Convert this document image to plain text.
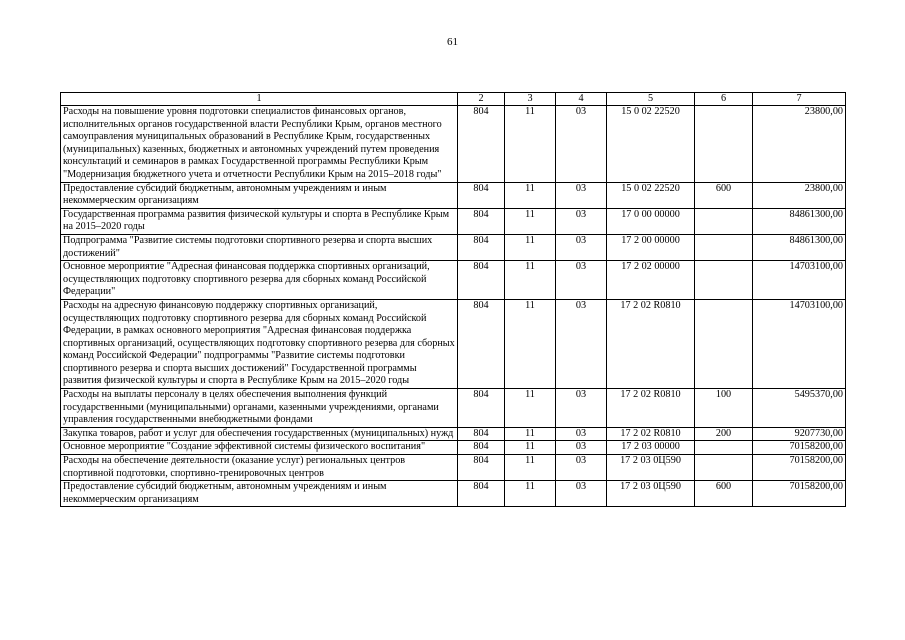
61
1	2	3	4	5	6	7
Расходы на повышение уровня подготовки специалистов финансовых органов, исполнительных органов государственной власти Республики Крым, органов местного самоуправления муниципальных образований в Республике Крым, государственных (муниципальных) казенных, бюджетных и автономных учреждений путем проведения консультаций и семинаров в рамках Государственной программы Республики Крым "Модернизация бюджетного учета и отчетности Республики Крым на 2015–2018 годы"	804	11	03	15 0 02 22520		23800,00
Предоставление субсидий бюджетным, автономным учреждениям и иным некоммерческим организациям	804	11	03	15 0 02 22520	600	23800,00
Государственная программа развития физической культуры и спорта в Республике Крым на 2015–2020 годы	804	11	03	17 0 00 00000		84861300,00
Подпрограмма "Развитие системы подготовки спортивного резерва и спорта высших достижений"	804	11	03	17 2 00 00000		84861300,00
Основное мероприятие "Адресная финансовая поддержка спортивных организаций, осуществляющих подготовку спортивного резерва для сборных команд Российской Федерации"	804	11	03	17 2 02 00000		14703100,00
Расходы на адресную финансовую поддержку спортивных организаций, осуществляющих подготовку спортивного резерва для сборных команд Российской Федерации, в рамках основного мероприятия "Адресная финансовая поддержка спортивных организаций, осуществляющих подготовку спортивного резерва для сборных команд Российской Федерации" подпрограммы "Развитие системы подготовки спортивного резерва и спорта высших достижений" Государственной программы развития физической культуры и спорта в Республике Крым на 2015–2020 годы	804	11	03	17 2 02 R0810		14703100,00
Расходы на выплаты персоналу в целях обеспечения выполнения функций государственными (муниципальными) органами, казенными учреждениями, органами управления государственными внебюджетными фондами	804	11	03	17 2 02 R0810	100	5495370,00
Закупка товаров, работ и услуг для обеспечения государственных (муниципальных) нужд	804	11	03	17 2 02 R0810	200	9207730,00
Основное мероприятие "Создание эффективной системы физического воспитания"	804	11	03	17 2 03 00000		70158200,00
Расходы на обеспечение деятельности (оказание услуг) региональных центров спортивной подготовки, спортивно-тренировочных центров	804	11	03	17 2 03 0Ц590		70158200,00
Предоставление субсидий бюджетным, автономным учреждениям и иным некоммерческим организациям	804	11	03	17 2 03 0Ц590	600	70158200,00
